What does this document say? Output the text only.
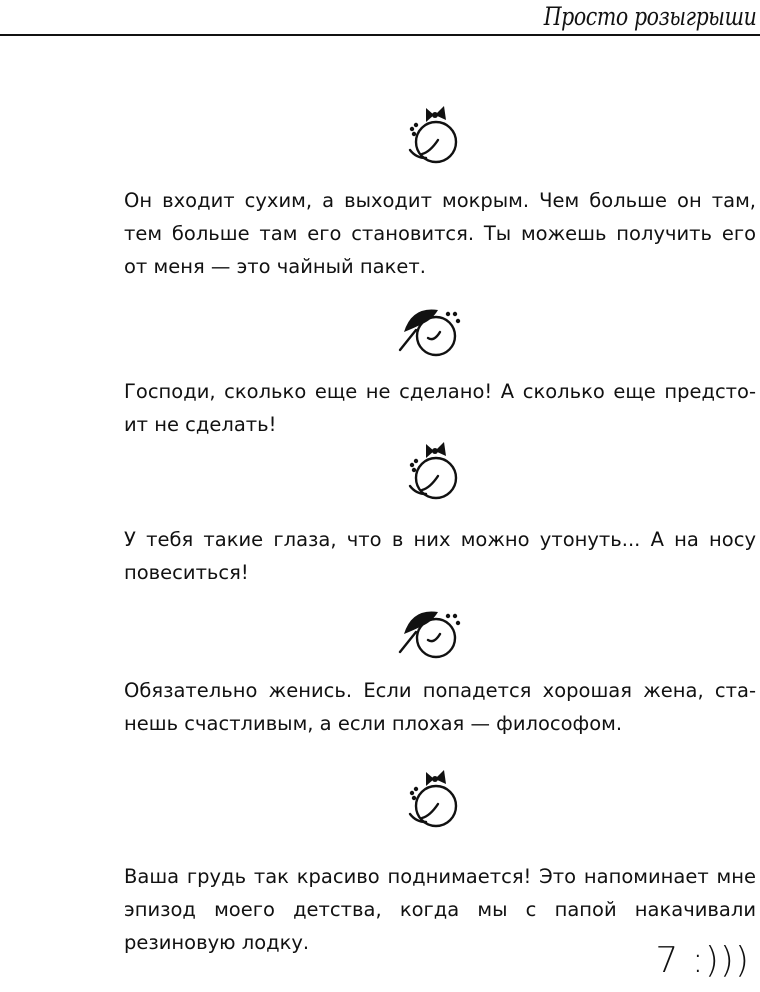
Просто розыгрыши

Он входит сухим, а выходит мокрым. Чем больше он там, тем больше там его становится. Ты можешь получить его от меня — это чайный пакет.

Господи, сколько еще не сделано! А сколько еще предсто-ит не сделать!

У тебя такие глаза, что в них можно утонуть... А на носу повеситься!

Обязательно женись. Если попадется хорошая жена, ста-нешь счастливым, а если плохая — философом.

Ваша грудь так красиво поднимается! Это напоминает мне эпизод моего детства, когда мы с папой накачивали резиновую лодку.	7 :)))
